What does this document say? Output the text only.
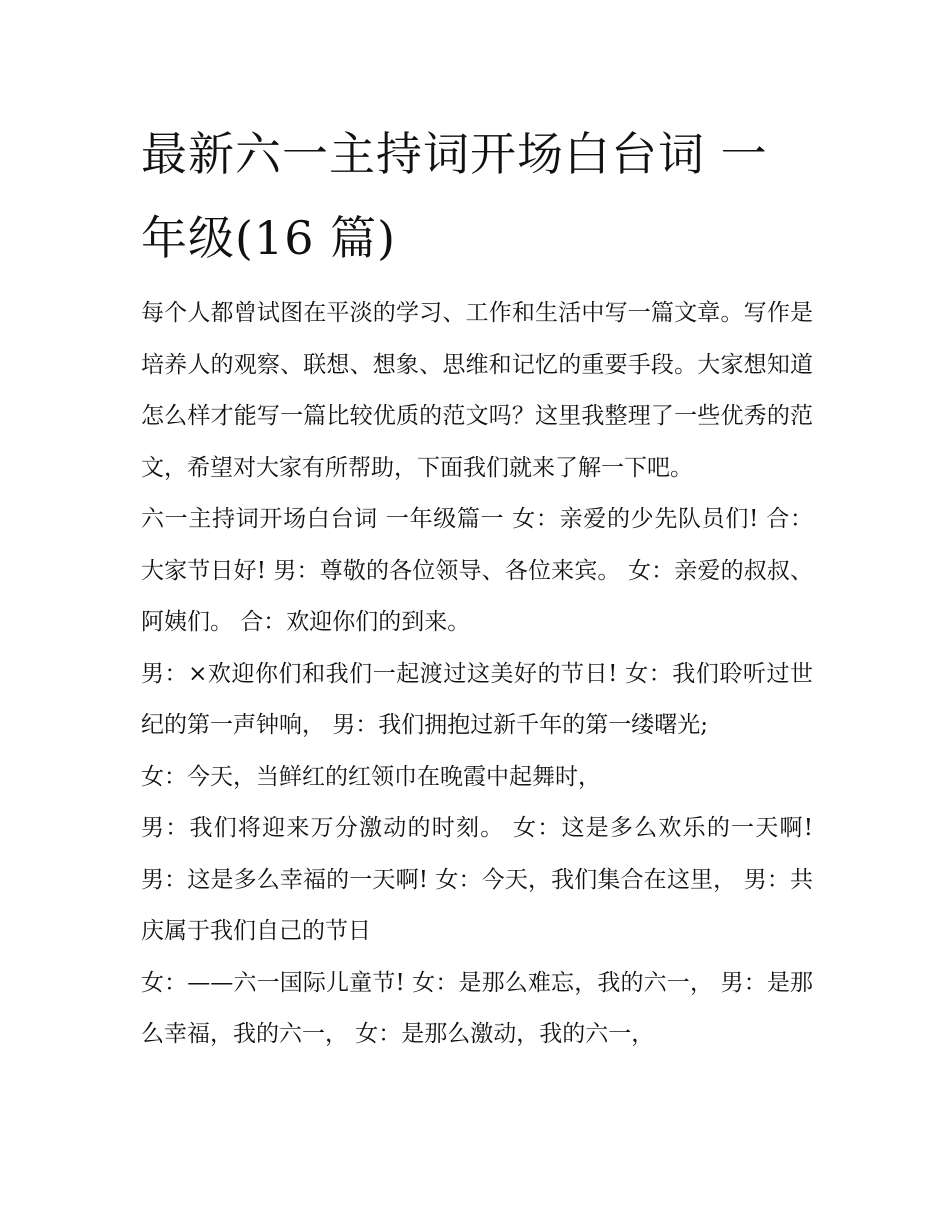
最新六一主持词开场白台词 一年级(16 篇)

每个人都曾试图在平淡的学习、工作和生活中写一篇文章。写作是培养人的观察、联想、想象、思维和记忆的重要手段。大家想知道怎么样才能写一篇比较优质的范文吗？这里我整理了一些优秀的范文，希望对大家有所帮助，下面我们就来了解一下吧。

六一主持词开场白台词 一年级篇一 女：亲爱的少先队员们! 合：大家节日好! 男：尊敬的各位领导、各位来宾。 女：亲爱的叔叔、阿姨们。 合：欢迎你们的到来。

男：×欢迎你们和我们一起渡过这美好的节日! 女：我们聆听过世纪的第一声钟响， 男：我们拥抱过新千年的第一缕曙光;

女：今天，当鲜红的红领巾在晚霞中起舞时，

男：我们将迎来万分激动的时刻。 女：这是多么欢乐的一天啊! 男：这是多么幸福的一天啊! 女：今天，我们集合在这里， 男：共庆属于我们自己的节日

女：——六一国际儿童节! 女：是那么难忘，我的六一， 男：是那么幸福，我的六一， 女：是那么激动，我的六一，
